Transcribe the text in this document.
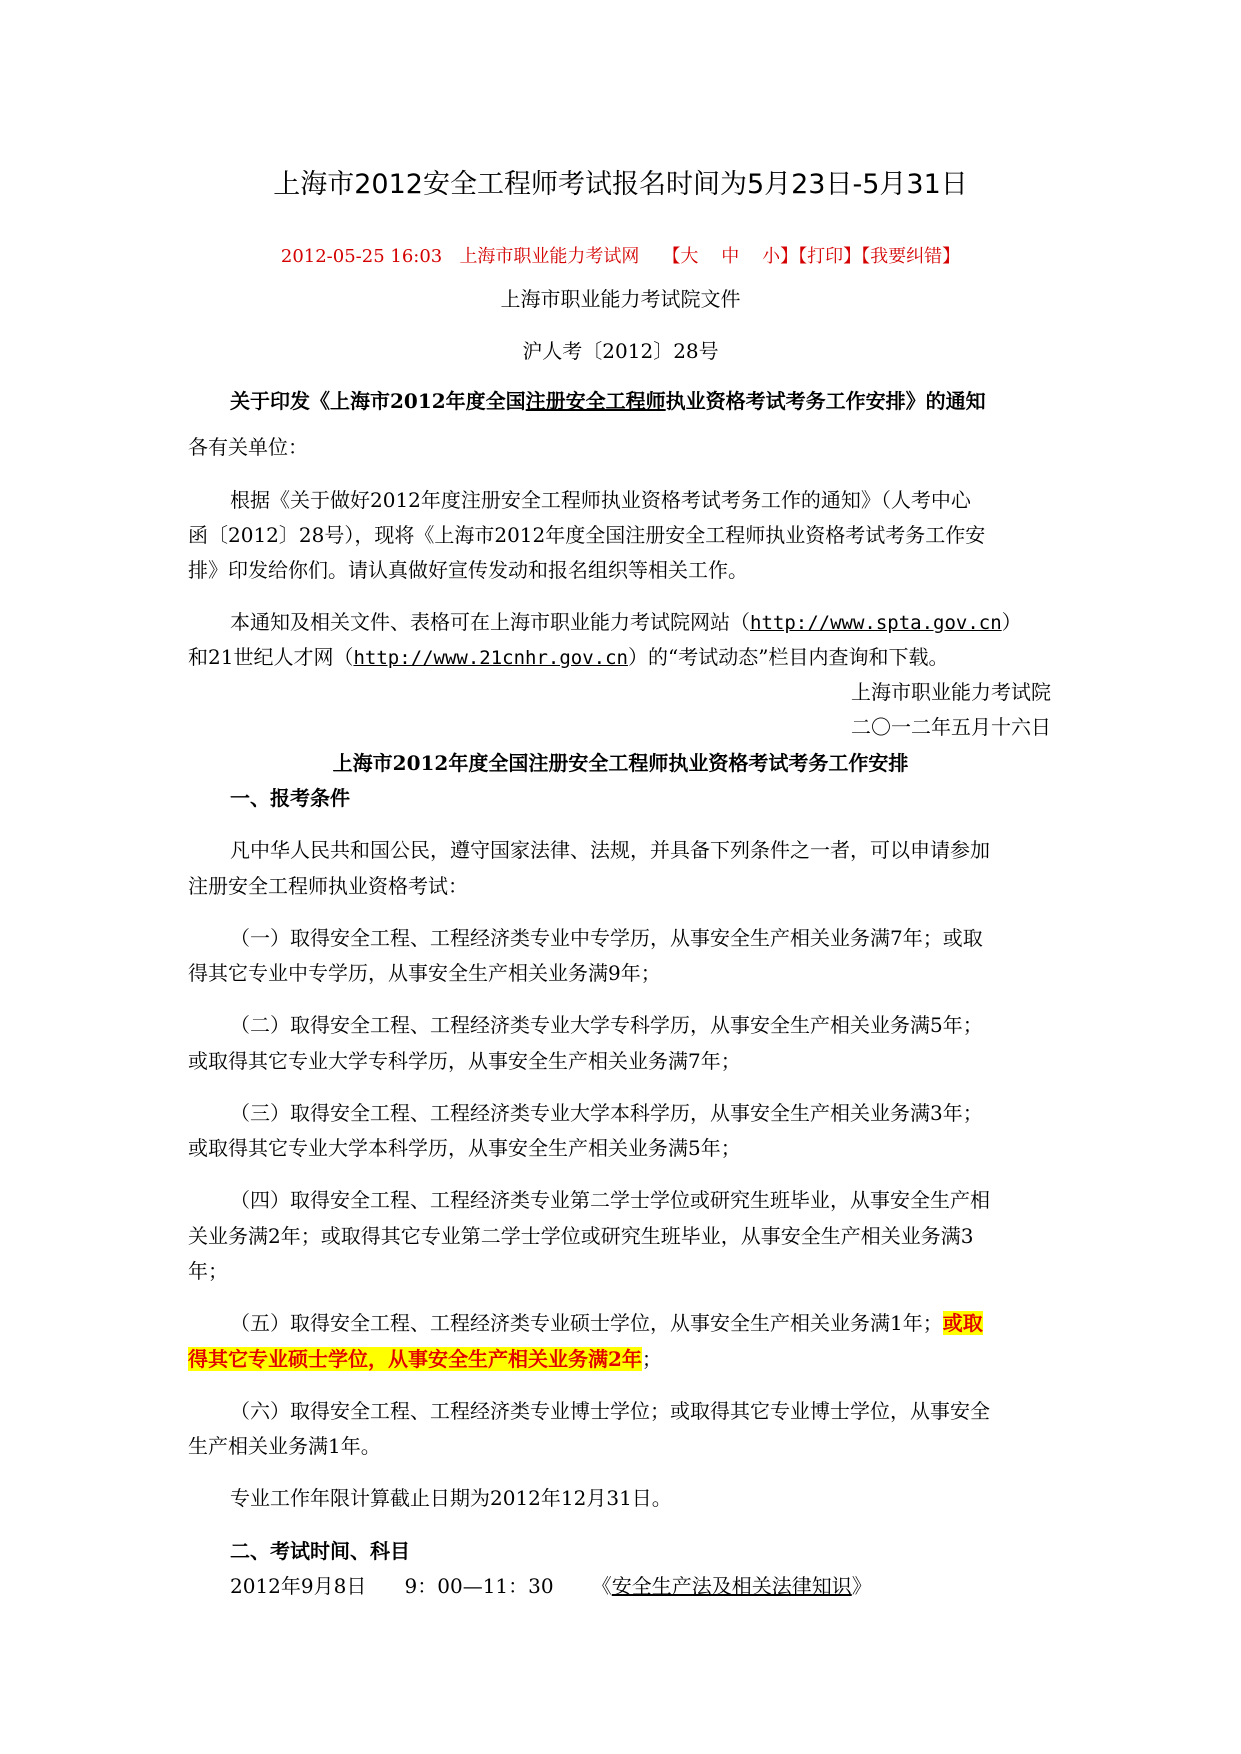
上海市2012安全工程师考试报名时间为5月23日-5月31日
2012-05-25 16:03 上海市职业能力考试网 【大 中 小】【打印】【我要纠错】
上海市职业能力考试院文件
沪人考〔2012〕28号
关于印发《上海市2012年度全国注册安全工程师执业资格考试考务工作安排》的通知
各有关单位：
根据《关于做好2012年度注册安全工程师执业资格考试考务工作的通知》（人考中心
函〔2012〕28号），现将《上海市2012年度全国注册安全工程师执业资格考试考务工作安
排》印发给你们。请认真做好宣传发动和报名组织等相关工作。
本通知及相关文件、表格可在上海市职业能力考试院网站（http://www.spta.gov.cn）
和21世纪人才网（http://www.21cnhr.gov.cn）的“考试动态”栏目内查询和下载。
上海市职业能力考试院
二〇一二年五月十六日
上海市2012年度全国注册安全工程师执业资格考试考务工作安排
一、报考条件
凡中华人民共和国公民，遵守国家法律、法规，并具备下列条件之一者，可以申请参加
注册安全工程师执业资格考试：
（一）取得安全工程、工程经济类专业中专学历，从事安全生产相关业务满7年；或取
得其它专业中专学历，从事安全生产相关业务满9年；
（二）取得安全工程、工程经济类专业大学专科学历，从事安全生产相关业务满5年；
或取得其它专业大学专科学历，从事安全生产相关业务满7年；
（三）取得安全工程、工程经济类专业大学本科学历，从事安全生产相关业务满3年；
或取得其它专业大学本科学历，从事安全生产相关业务满5年；
（四）取得安全工程、工程经济类专业第二学士学位或研究生班毕业，从事安全生产相
关业务满2年；或取得其它专业第二学士学位或研究生班毕业，从事安全生产相关业务满3
年；
（五）取得安全工程、工程经济类专业硕士学位，从事安全生产相关业务满1年；或取
得其它专业硕士学位，从事安全生产相关业务满2年；
（六）取得安全工程、工程经济类专业博士学位；或取得其它专业博士学位，从事安全
生产相关业务满1年。
专业工作年限计算截止日期为2012年12月31日。
二、考试时间、科目
2012年9月8日 9：00—11：30 《安全生产法及相关法律知识》
